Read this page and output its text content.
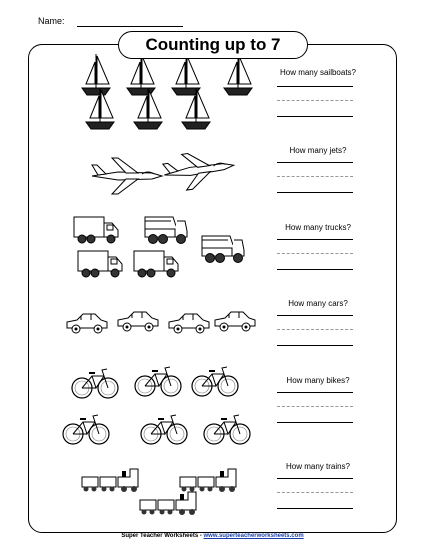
Name:
Counting up to 7
How many sailboats?
How many jets?
How many trucks?
How many cars?
How many bikes?
How many trains?
Super Teacher Worksheets - www.superteacherworksheets.com
